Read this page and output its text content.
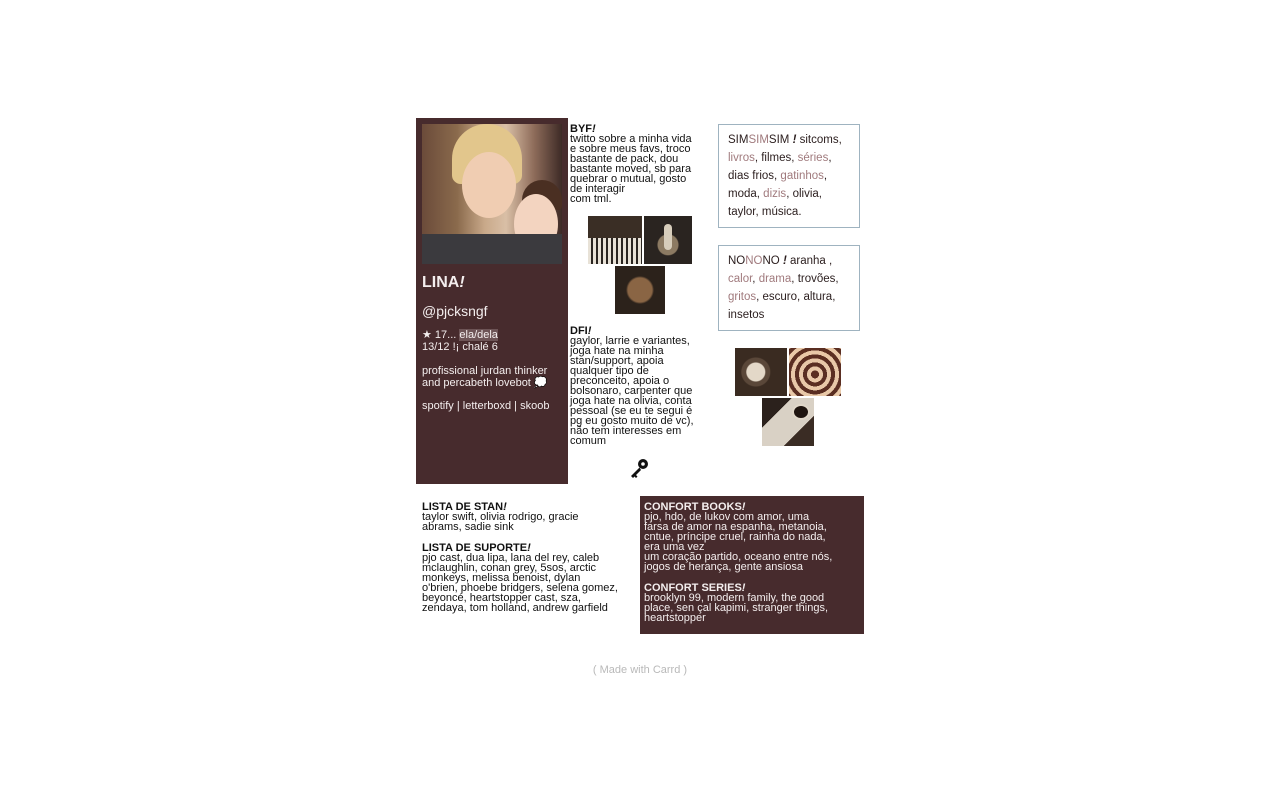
LINA!
@pjcksngf
★ 17... ela/dela
13/12 !¡ chalé 6
profissional jurdan thinker
and percabeth lovebot 💭
spotify | letterboxd | skoob
BYF!
twitto sobre a minha vida
e sobre meus favs, troco
bastante de pack, dou
bastante moved, sb para
quebrar o mutual, gosto
de interagir
com tml.
DFI!
gaylor, larrie e variantes,
joga hate na minha
stan/support, apoia
qualquer tipo de
preconceito, apoia o
bolsonaro, carpenter que
joga hate na olivia, conta
pessoal (se eu te segui é
pg eu gosto muito de vc),
não tem interesses em
comum
SIMSIMSIM ! sitcoms, livros, filmes, séries, dias frios, gatinhos, moda, dizis, olivia, taylor, música.
NONONO ! aranha , calor, drama, trovões, gritos, escuro, altura, insetos
LISTA DE STAN!
taylor swift, olivia rodrigo, gracie
abrams, sadie sink
LISTA DE SUPORTE!
pjo cast, dua lipa, lana del rey, caleb
mclaughlin, conan grey, 5sos, arctic
monkeys, melissa benoist, dylan
o'brien, phoebe bridgers, selena gomez,
beyoncé, heartstopper cast, sza,
zendaya, tom holland, andrew garfield
CONFORT BOOKS!
pjo, hdo, de lukov com amor, uma
farsa de amor na espanha, metanoia,
cntue, príncipe cruel, rainha do nada,
era uma vez
um coração partido, oceano entre nós,
jogos de herança, gente ansiosa
CONFORT SERIES!
brooklyn 99, modern family, the good
place, sen çal kapimi, stranger things,
heartstopper
( Made with Carrd )
